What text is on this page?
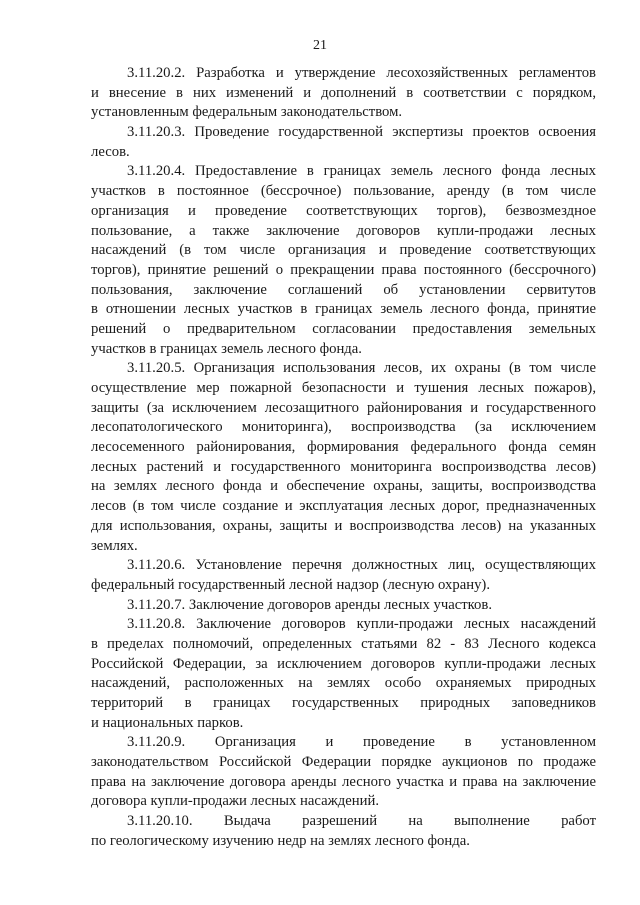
21
3.11.20.2. Разработка и утверждение лесохозяйственных регламентов
и внесение в них изменений и дополнений в соответствии с порядком,
установленным федеральным законодательством.
3.11.20.3. Проведение государственной экспертизы проектов освоения
лесов.
3.11.20.4. Предоставление в границах земель лесного фонда лесных
участков в постоянное (бессрочное) пользование, аренду (в том числе
организация и проведение соответствующих торгов), безвозмездное
пользование, а также заключение договоров купли-продажи лесных
насаждений (в том числе организация и проведение соответствующих
торгов), принятие решений о прекращении права постоянного (бессрочного)
пользования, заключение соглашений об установлении сервитутов
в отношении лесных участков в границах земель лесного фонда, принятие
решений о предварительном согласовании предоставления земельных
участков в границах земель лесного фонда.
3.11.20.5. Организация использования лесов, их охраны (в том числе
осуществление мер пожарной безопасности и тушения лесных пожаров),
защиты (за исключением лесозащитного районирования и государственного
лесопатологического мониторинга), воспроизводства (за исключением
лесосеменного районирования, формирования федерального фонда семян
лесных растений и государственного мониторинга воспроизводства лесов)
на землях лесного фонда и обеспечение охраны, защиты, воспроизводства
лесов (в том числе создание и эксплуатация лесных дорог, предназначенных
для использования, охраны, защиты и воспроизводства лесов) на указанных
землях.
3.11.20.6. Установление перечня должностных лиц, осуществляющих
федеральный государственный лесной надзор (лесную охрану).
3.11.20.7. Заключение договоров аренды лесных участков.
3.11.20.8. Заключение договоров купли-продажи лесных насаждений
в пределах полномочий, определенных статьями 82 - 83 Лесного кодекса
Российской Федерации, за исключением договоров купли-продажи лесных
насаждений, расположенных на землях особо охраняемых природных
территорий в границах государственных природных заповедников
и национальных парков.
3.11.20.9. Организация и проведение в установленном
законодательством Российской Федерации порядке аукционов по продаже
права на заключение договора аренды лесного участка и права на заключение
договора купли-продажи лесных насаждений.
3.11.20.10. Выдача разрешений на выполнение работ
по геологическому изучению недр на землях лесного фонда.
